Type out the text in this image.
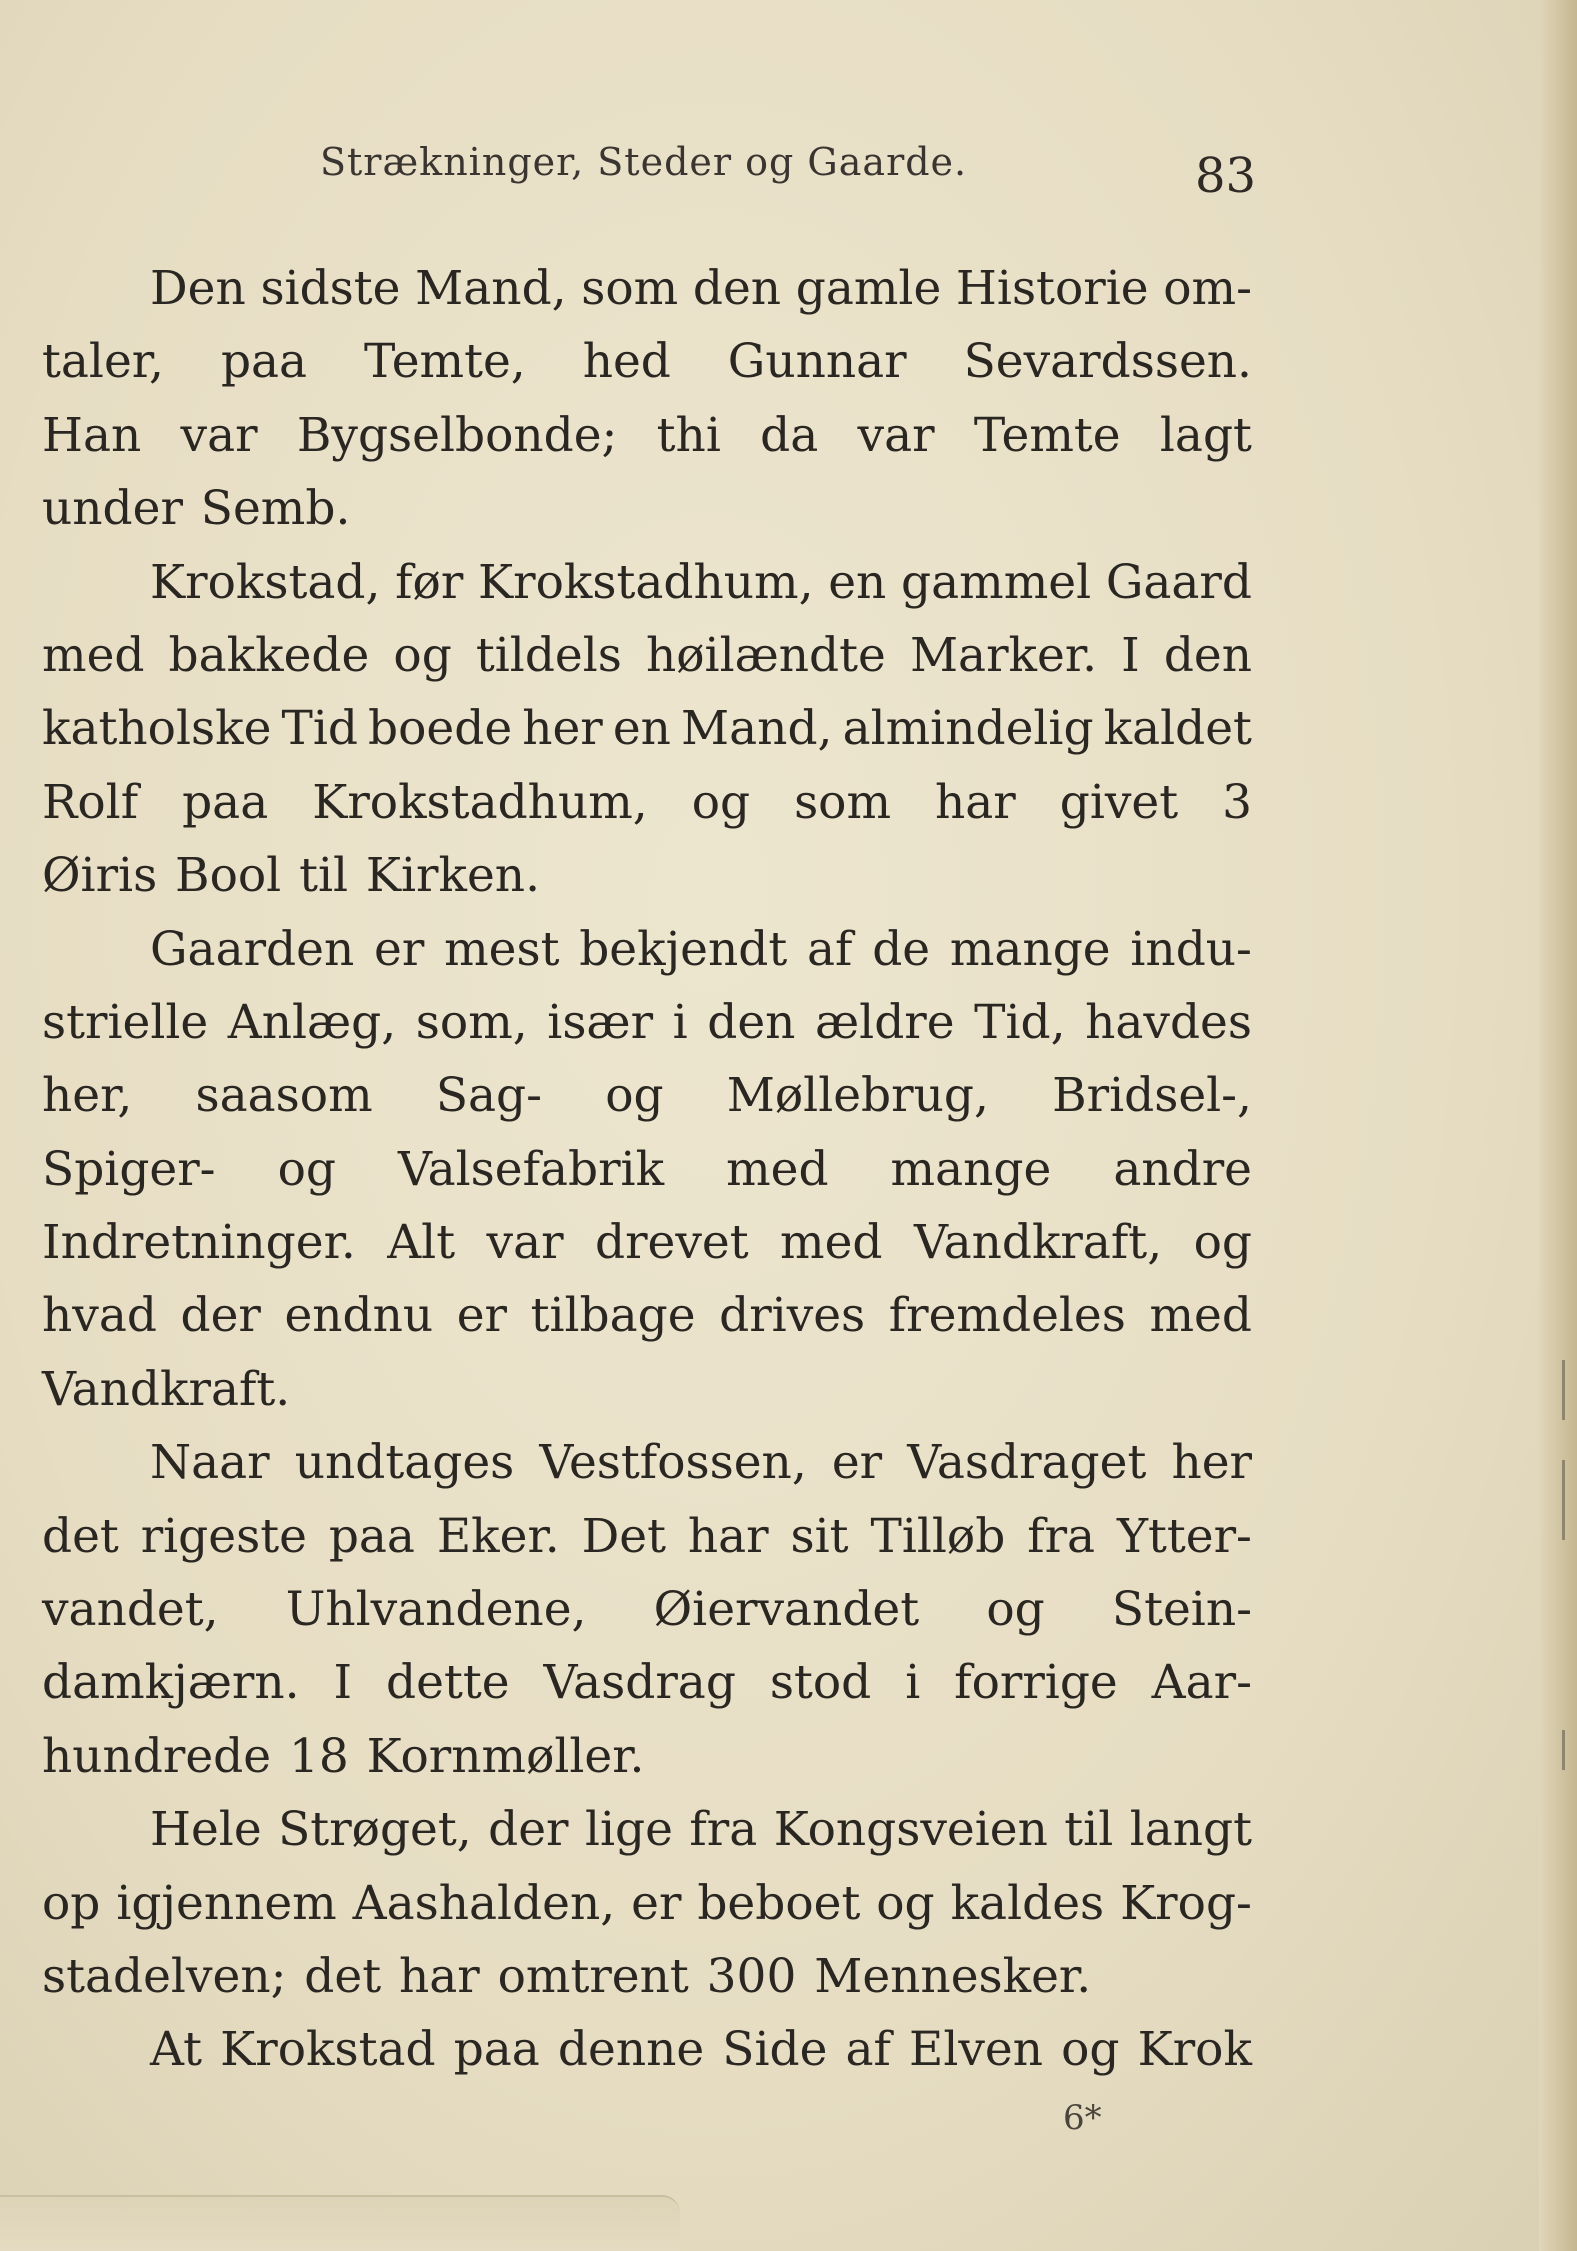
Strækninger, Steder og Gaarde.	83
Den sidste Mand, som den gamle Historie om-
taler, paa Temte, hed Gunnar Sevardssen.
Han var Bygselbonde; thi da var Temte lagt
under Semb.
Krokstad, før Krokstadhum, en gammel Gaard
med bakkede og tildels høilændte Marker. I den
katholske Tid boede her en Mand, almindelig kaldet
Rolf paa Krokstadhum, og som har givet 3
Øiris Bool til Kirken.
Gaarden er mest bekjendt af de mange indu-
strielle Anlæg, som, især i den ældre Tid, havdes
her, saasom Sag- og Møllebrug, Bridsel-,
Spiger- og Valsefabrik med mange andre
Indretninger. Alt var drevet med Vandkraft, og
hvad der endnu er tilbage drives fremdeles med
Vandkraft.
Naar undtages Vestfossen, er Vasdraget her
det rigeste paa Eker. Det har sit Tilløb fra Ytter-
vandet, Uhlvandene, Øiervandet og Stein-
damkjærn. I dette Vasdrag stod i forrige Aar-
hundrede 18 Kornmøller.
Hele Strøget, der lige fra Kongsveien til langt
op igjennem Aashalden, er beboet og kaldes Krog-
stadelven; det har omtrent 300 Mennesker.
At Krokstad paa denne Side af Elven og Krok
6*
